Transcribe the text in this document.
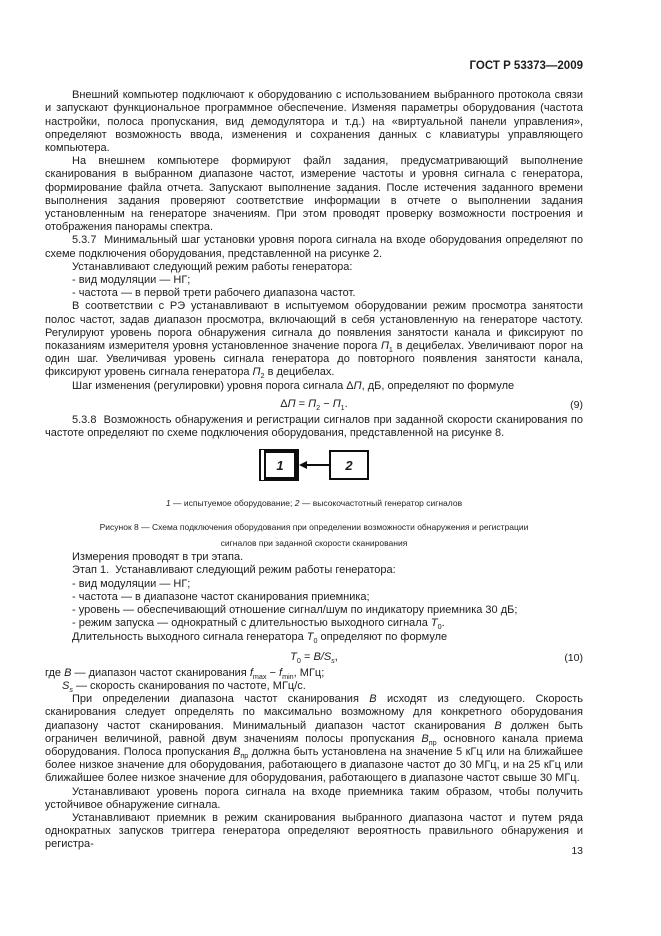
ГОСТ Р 53373—2009

Внешний компьютер подключают к оборудованию с использованием выбранного протокола связи и запускают функциональное программное обеспечение. Изменяя параметры оборудования (частота настройки, полоса пропускания, вид демодулятора и т.д.) на «виртуальной панели управления», определяют возможность ввода, изменения и сохранения данных с клавиатуры управляющего компьютера.

На внешнем компьютере формируют файл задания, предусматривающий выполнение сканирования в выбранном диапазоне частот, измерение частоты и уровня сигнала с генератора, формирование файла отчета. Запускают выполнение задания. После истечения заданного времени выполнения задания проверяют соответствие информации в отчете о выполнении задания установленным на генераторе значениям. При этом проводят проверку возможности построения и отображения панорамы спектра.

5.3.7  Минимальный шаг установки уровня порога сигнала на входе оборудования определяют по схеме подключения оборудования, представленной на рисунке 2.

Устанавливают следующий режим работы генератора:

- вид модуляции — НГ;

- частота — в первой трети рабочего диапазона частот.

В соответствии с РЭ устанавливают в испытуемом оборудовании режим просмотра занятости полос частот, задав диапазон просмотра, включающий в себя установленную на генераторе частоту. Регулируют уровень порога обнаружения сигнала до появления занятости канала и фиксируют по показаниям измерителя уровня установленное значение порога $П_1$ в децибелах. Увеличивают порог на один шаг. Увеличивая уровень сигнала генератора до повторного появления занятости канала, фиксируют уровень сигнала генератора $П_2$ в децибелах.

Шаг изменения (регулировки) уровня порога сигнала ΔП, дБ, определяют по формуле

$\Delta П = П_2 - П_1$.	(9)

5.3.8  Возможность обнаружения и регистрации сигналов при заданной скорости сканирования по частоте определяют по схеме подключения оборудования, представленной на рисунке 8.

1	2
1 — испытуемое оборудование; 2 — высокочастотный генератор сигналов
Рисунок 8 — Схема подключения оборудования при определении возможности обнаружения и регистрации
сигналов при заданной скорости сканирования

Измерения проводят в три этапа.

Этап 1.  Устанавливают следующий режим работы генератора:

- вид модуляции — НГ;

- частота — в диапазоне частот сканирования приемника;

- уровень — обеспечивающий отношение сигнал/шум по индикатору приемника 30 дБ;

- режим запуска — однократный с длительностью выходного сигнала $T_0$.

Длительность выходного сигнала генератора $T_0$ определяют по формуле

$T_0 = B/S_s$,	(10)

где B — диапазон частот сканирования $f_{max} - f_{min}$, МГц;

$S_s$ — скорость сканирования по частоте, МГц/с.

При определении диапазона частот сканирования B исходят из следующего. Скорость сканирования следует определять по максимально возможному для конкретного оборудования диапазону частот сканирования. Минимальный диапазон частот сканирования B должен быть ограничен величиной, равной двум значениям полосы пропускания $B_{пр}$ основного канала приема оборудования. Полоса пропускания $B_{пр}$ должна быть установлена на значение 5 кГц или на ближайшее более низкое значение для оборудования, работающего в диапазоне частот до 30 МГц, и на 25 кГц или ближайшее более низкое значение для оборудования, работающего в диапазоне частот свыше 30 МГц.

Устанавливают уровень порога сигнала на входе приемника таким образом, чтобы получить устойчивое обнаружение сигнала.

Устанавливают приемник в режим сканирования выбранного диапазона частот и путем ряда однократных запусков триггера генератора определяют вероятность правильного обнаружения и регистра-

13
